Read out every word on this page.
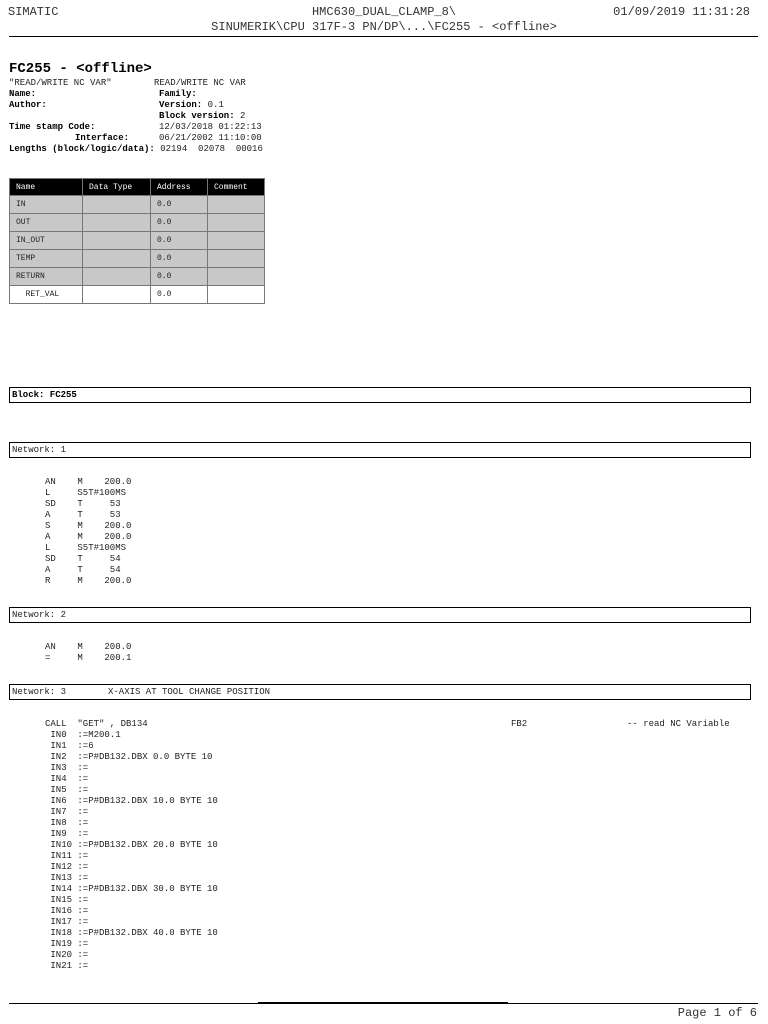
SIMATIC	HMC630_DUAL_CLAMP_8\	01/09/2019 11:31:28
SINUMERIK\CPU 317F-3 PN/DP\...\FC255 - <offline>
FC255 - <offline>
"READ/WRITE NC VAR"	READ/WRITE NC VAR
Name:	Family:
Author:	Version: 0.1
Block version: 2
Time stamp Code:	12/03/2018 01:22:13
Interface:	06/21/2002 11:10:00
Lengths (block/logic/data): 02194  02078  00016
Name	Data Type	Address	Comment
IN		0.0	
OUT		0.0	
IN_OUT		0.0	
TEMP		0.0	
RETURN		0.0	
RET_VAL		0.0	
Block: FC255
Network: 1
AN    M    200.0
L     S5T#100MS
SD    T     53
A     T     53
S     M    200.0
A     M    200.0
L     S5T#100MS
SD    T     54
A     T     54
R     M    200.0
Network: 2
AN    M    200.0
=     M    200.1
Network: 3	X-AXIS AT TOOL CHANGE POSITION
CALL  "GET" , DB134	FB2	-- read NC Variable
IN0  :=M200.1
IN1  :=6
IN2  :=P#DB132.DBX 0.0 BYTE 10
IN3  :=
IN4  :=
IN5  :=
IN6  :=P#DB132.DBX 10.0 BYTE 10
IN7  :=
IN8  :=
IN9  :=
IN10 :=P#DB132.DBX 20.0 BYTE 10
IN11 :=
IN12 :=
IN13 :=
IN14 :=P#DB132.DBX 30.0 BYTE 10
IN15 :=
IN16 :=
IN17 :=
IN18 :=P#DB132.DBX 40.0 BYTE 10
IN19 :=
IN20 :=
IN21 :=
Page 1 of 6
